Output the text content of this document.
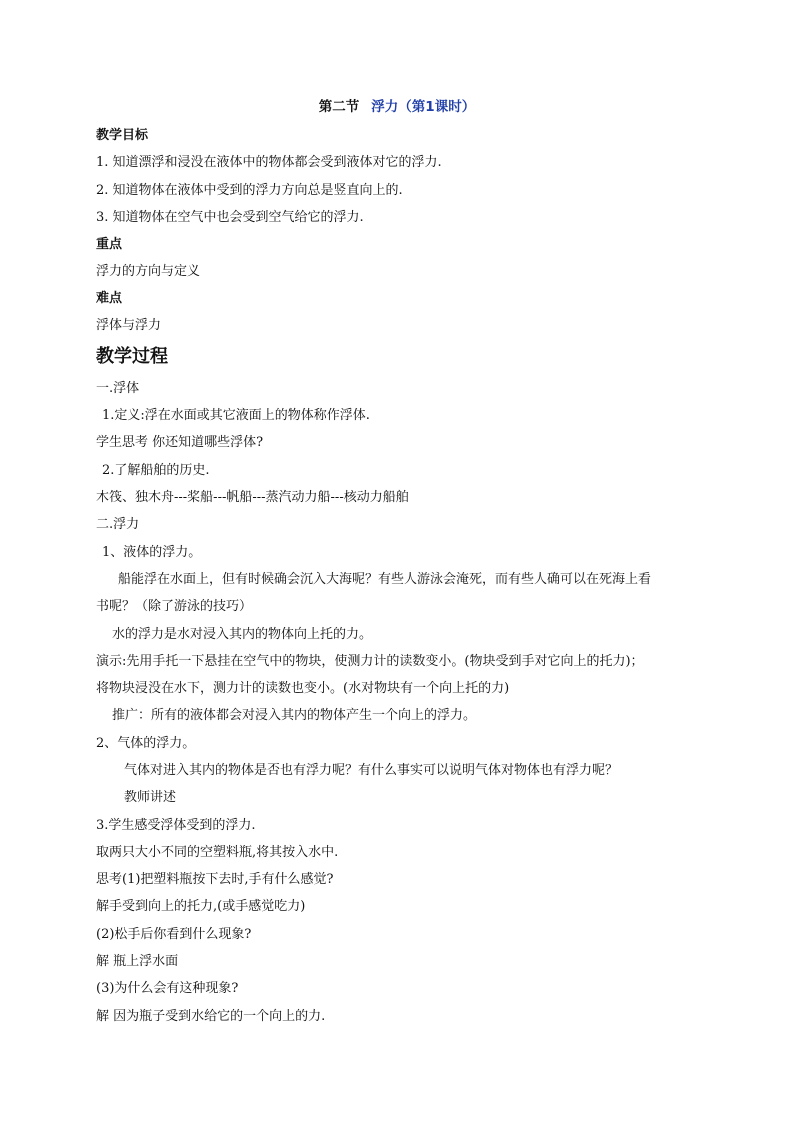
第二节 浮力（第1课时）
教学目标
1. 知道漂浮和浸没在液体中的物体都会受到液体对它的浮力.
2. 知道物体在液体中受到的浮力方向总是竖直向上的.
3. 知道物体在空气中也会受到空气给它的浮力.
重点
浮力的方向与定义
难点
浮体与浮力
教学过程
一.浮体
1.定义:浮在水面或其它液面上的物体称作浮体.
学生思考 你还知道哪些浮体?
2.了解船舶的历史.
木筏、独木舟---桨船---帆船---蒸汽动力船---核动力船舶
二.浮力
1、液体的浮力。
船能浮在水面上，但有时候确会沉入大海呢？有些人游泳会淹死，而有些人确可以在死海上看
书呢？（除了游泳的技巧）
水的浮力是水对浸入其内的物体向上托的力。
演示:先用手托一下悬挂在空气中的物块，使测力计的读数变小。(物块受到手对它向上的托力)；
将物块浸没在水下，测力计的读数也变小。(水对物块有一个向上托的力)
推广：所有的液体都会对浸入其内的物体产生一个向上的浮力。
2、气体的浮力。
气体对进入其内的物体是否也有浮力呢？有什么事实可以说明气体对物体也有浮力呢？
教师讲述
3.学生感受浮体受到的浮力.
取两只大小不同的空塑料瓶,将其按入水中.
思考(1)把塑料瓶按下去时,手有什么感觉?
解手受到向上的托力,(或手感觉吃力)
(2)松手后你看到什么现象?
解 瓶上浮水面
(3)为什么会有这种现象?
解 因为瓶子受到水给它的一个向上的力.
